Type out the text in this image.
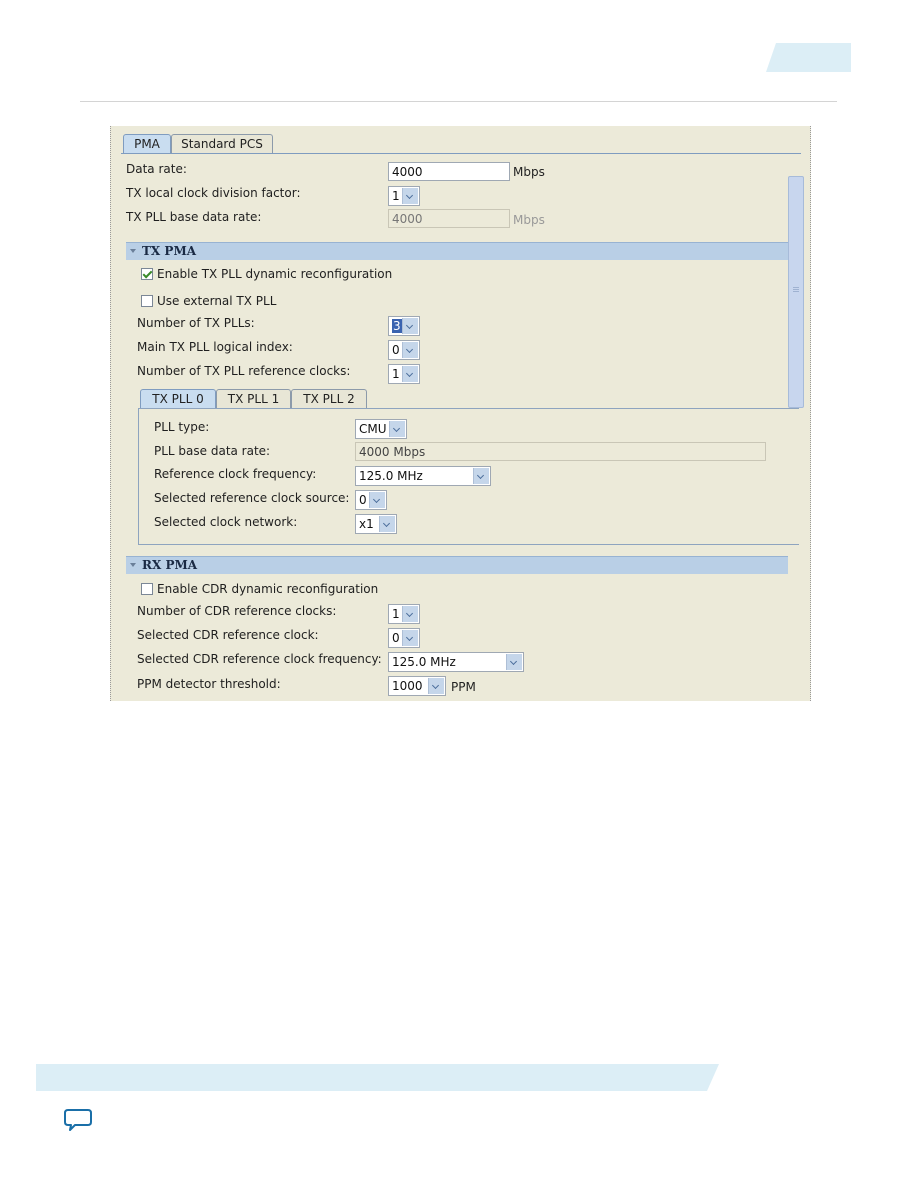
PMA	Standard PCS
Data rate:	4000	Mbps
TX local clock division factor:	1
TX PLL base data rate:	4000	Mbps
TX PMA
Enable TX PLL dynamic reconfiguration
Use external TX PLL
Number of TX PLLs:	3
Main TX PLL logical index:	0
Number of TX PLL reference clocks:	1
TX PLL 0	TX PLL 1	TX PLL 2
PLL type:	CMU
PLL base data rate:	4000 Mbps
Reference clock frequency:	125.0 MHz
Selected reference clock source: 0
Selected clock network:	x1
RX PMA
Enable CDR dynamic reconfiguration
Number of CDR reference clocks:	1
Selected CDR reference clock:	0
Selected CDR reference clock frequency: 125.0 MHz
PPM detector threshold:	1000	PPM
